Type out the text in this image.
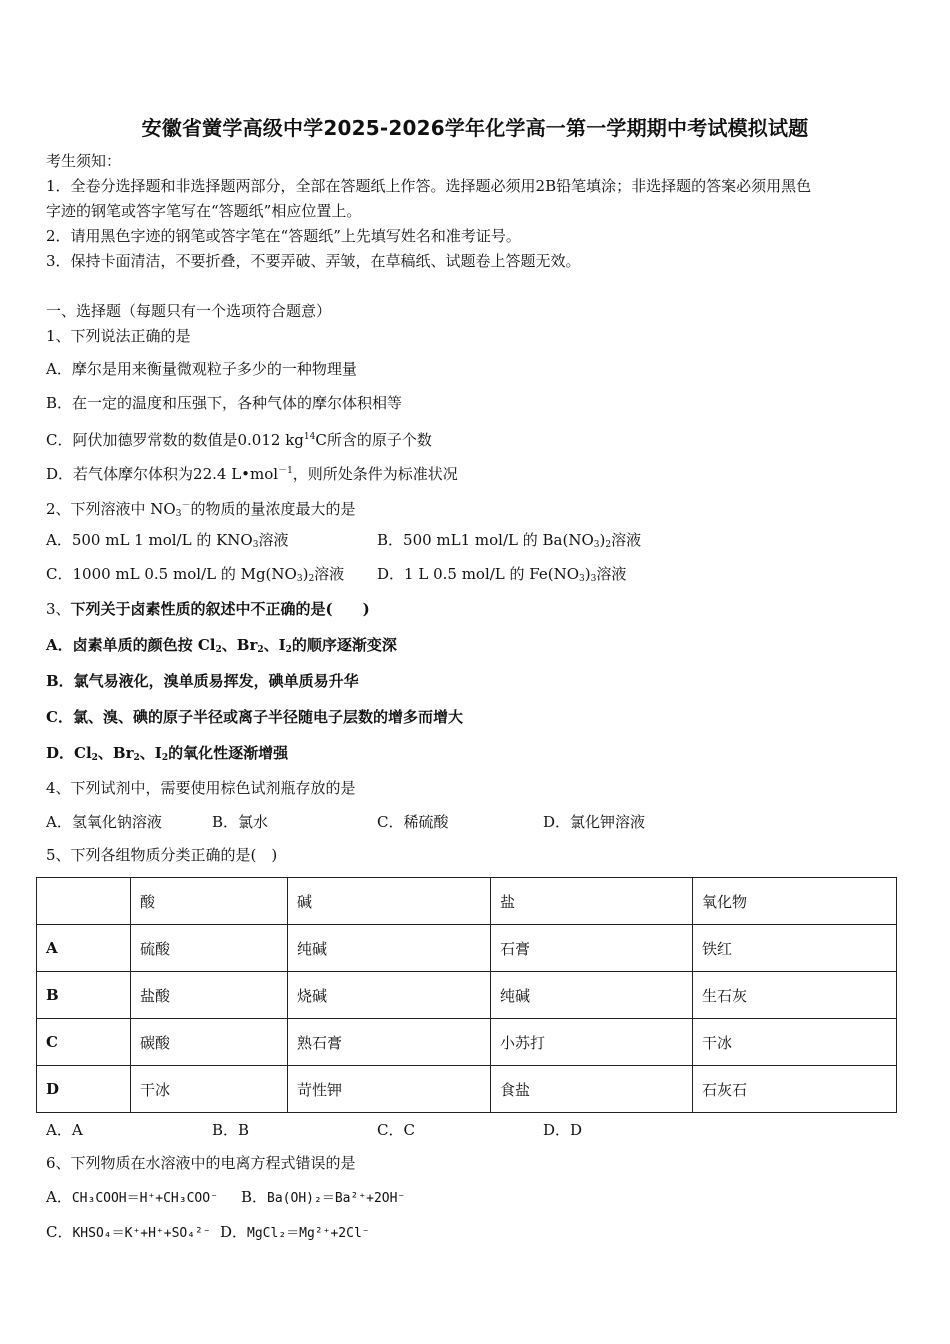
安徽省黉学高级中学2025-2026学年化学高一第一学期期中考试模拟试题
考生须知：
1．全卷分选择题和非选择题两部分，全部在答题纸上作答。选择题必须用2B铅笔填涂；非选择题的答案必须用黑色
字迹的钢笔或答字笔写在“答题纸”相应位置上。
2．请用黑色字迹的钢笔或答字笔在“答题纸”上先填写姓名和准考证号。
3．保持卡面清洁，不要折叠，不要弄破、弄皱，在草稿纸、试题卷上答题无效。
一、选择题（每题只有一个选项符合题意）
1、下列说法正确的是
A．摩尔是用来衡量微观粒子多少的一种物理量
B．在一定的温度和压强下，各种气体的摩尔体积相等
C．阿伏加德罗常数的数值是0.012 $kg^{14}C$所含的原子个数
D．若气体摩尔体积为22.4 L•mol$^{-1}$，则所处条件为标准状况
2、下列溶液中 $NO_3^-$的物质的量浓度最大的是
A．500 mL 1 mol/L 的 $KNO_3$溶液	B．500 mL1 mol/L 的 $Ba(NO_3)_2$溶液
C．1000 mL 0.5 mol/L 的 $Mg(NO_3)_2$溶液 D．1 L 0.5 mol/L 的 $Fe(NO_3)_3$溶液
3、下列关于卤素性质的叙述中不正确的是(　　)
A．卤素单质的颜色按 $Cl_2$、$Br_2$、$I_2$的顺序逐渐变深
B．氯气易液化，溴单质易挥发，碘单质易升华
C．氯、溴、碘的原子半径或离子半径随电子层数的增多而增大
D．$Cl_2$、$Br_2$、$I_2$的氧化性逐渐增强
4、下列试剂中，需要使用棕色试剂瓶存放的是
A．氢氧化钠溶液	B．氯水	C．稀硫酸	D．氯化钾溶液
5、下列各组物质分类正确的是(　)
	酸	碱	盐	氧化物
A	硫酸	纯碱	石膏	铁红
B	盐酸	烧碱	纯碱	生石灰
C	碳酸	熟石膏	小苏打	干冰
D	干冰	苛性钾	食盐	石灰石
A．A	B．B	C．C	D．D
6、下列物质在水溶液中的电离方程式错误的是
A．CH₃COOH＝H⁺+CH₃COO⁻ B．Ba(OH)₂＝Ba²⁺+2OH⁻
C．KHSO₄＝K⁺+H⁺+SO₄²⁻ D．MgCl₂＝Mg²⁺+2Cl⁻
